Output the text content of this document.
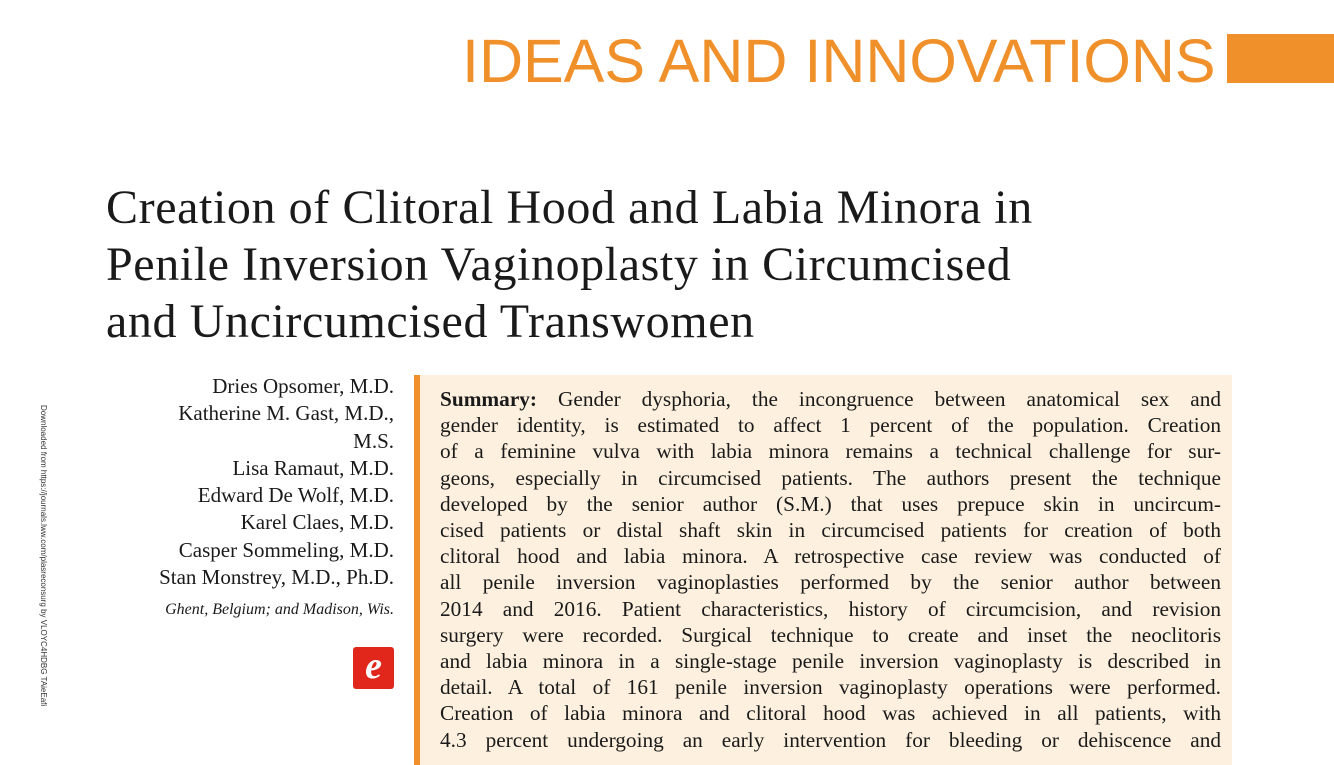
IDEAS AND INNOVATIONS
Creation of Clitoral Hood and Labia Minora in
Penile Inversion Vaginoplasty in Circumcised
and Uncircumcised Transwomen
Dries Opsomer, M.D.
Katherine M. Gast, M.D.,
M.S.
Lisa Ramaut, M.D.
Edward De Wolf, M.D.
Karel Claes, M.D.
Casper Sommeling, M.D.
Stan Monstrey, M.D., Ph.D.
Ghent, Belgium; and Madison, Wis.
e
Downloaded from https://journals.lww.com/plasreconsurg by VLOYC4HDBG TAieEafi
Summary: Gender dysphoria, the incongruence between anatomical sex and
gender identity, is estimated to affect 1 percent of the population. Creation
of a feminine vulva with labia minora remains a technical challenge for sur-
geons, especially in circumcised patients. The authors present the technique
developed by the senior author (S.M.) that uses prepuce skin in uncircum-
cised patients or distal shaft skin in circumcised patients for creation of both
clitoral hood and labia minora. A retrospective case review was conducted of
all penile inversion vaginoplasties performed by the senior author between
2014 and 2016. Patient characteristics, history of circumcision, and revision
surgery were recorded. Surgical technique to create and inset the neoclitoris
and labia minora in a single-stage penile inversion vaginoplasty is described in
detail. A total of 161 penile inversion vaginoplasty operations were performed.
Creation of labia minora and clitoral hood was achieved in all patients, with
4.3 percent undergoing an early intervention for bleeding or dehiscence and
